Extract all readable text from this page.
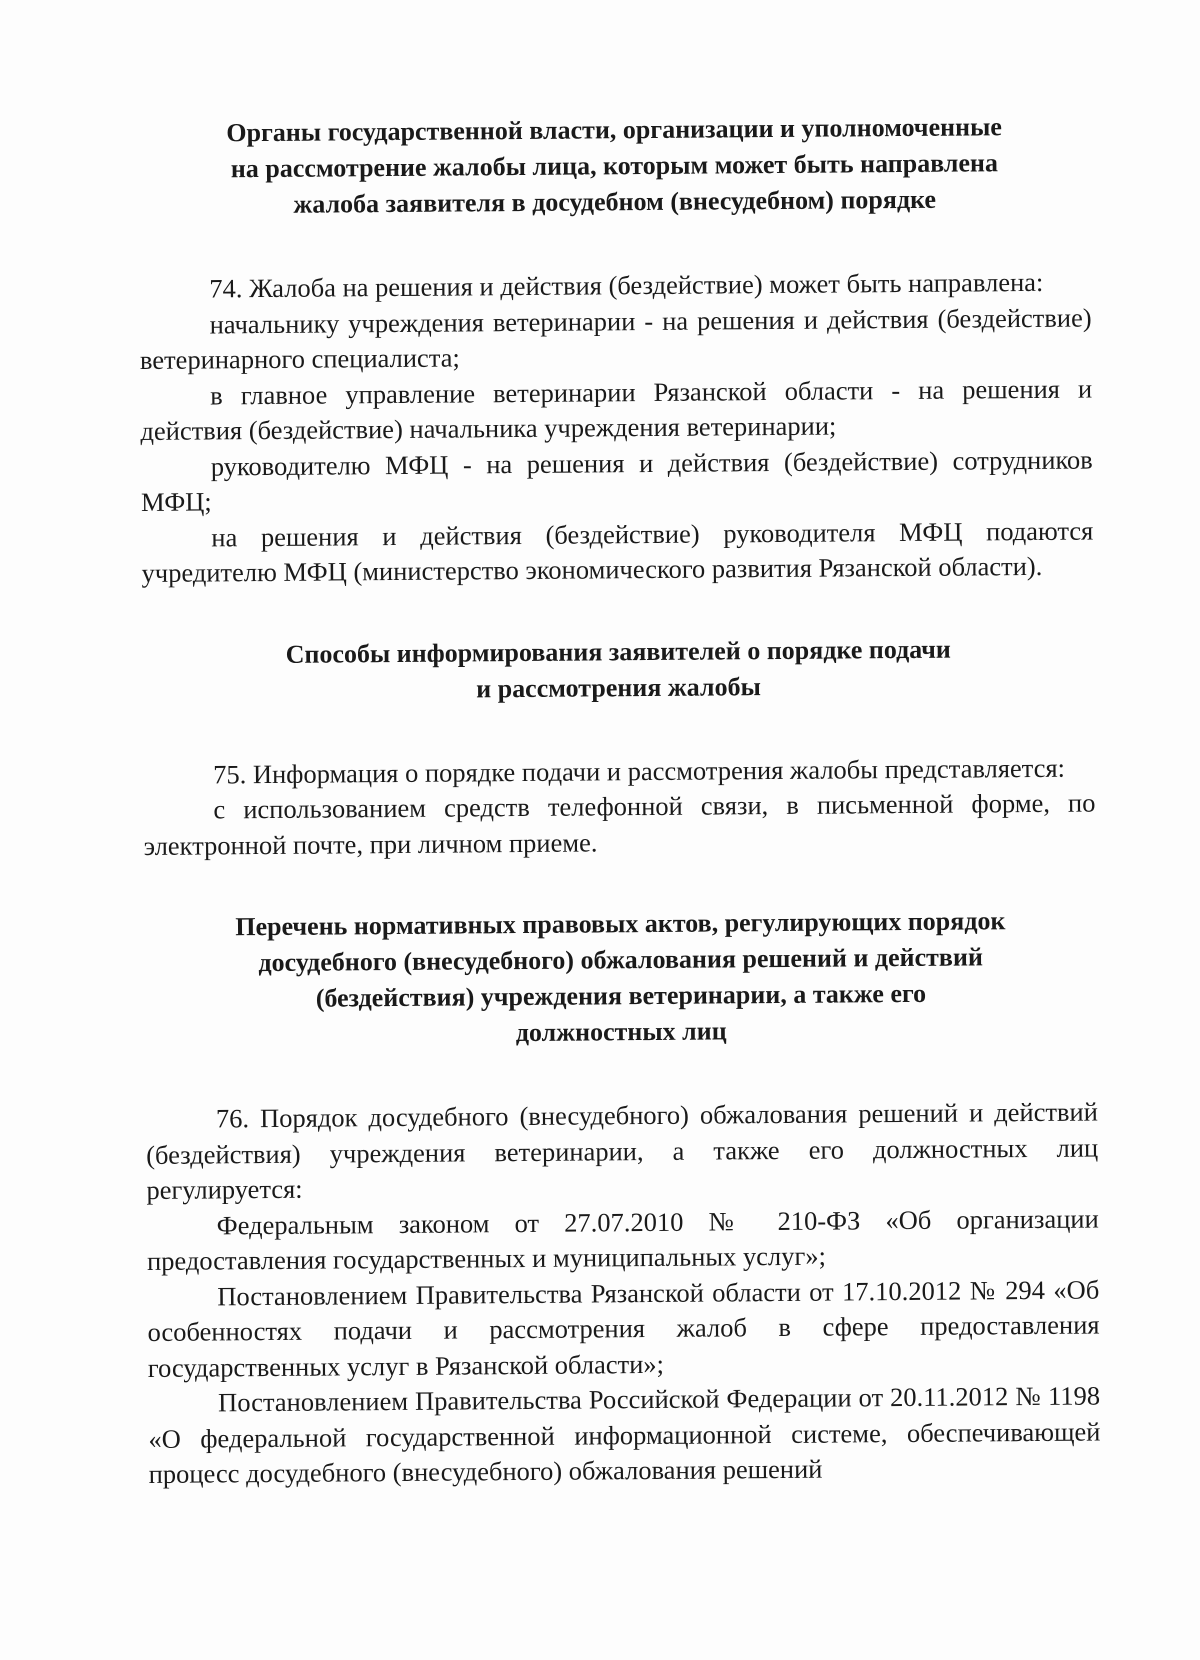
Органы государственной власти, организации и уполномоченные
на рассмотрение жалобы лица, которым может быть направлена
жалоба заявителя в досудебном (внесудебном) порядке

74. Жалоба на решения и действия (бездействие) может быть направлена:

начальнику учреждения ветеринарии - на решения и действия (бездействие) ветеринарного специалиста;

в главное управление ветеринарии Рязанской области - на решения и действия (бездействие) начальника учреждения ветеринарии;

руководителю МФЦ - на решения и действия (бездействие) сотрудников МФЦ;

на решения и действия (бездействие) руководителя МФЦ подаются учредителю МФЦ (министерство экономического развития Рязанской области).

Способы информирования заявителей о порядке подачи
и рассмотрения жалобы

75. Информация о порядке подачи и рассмотрения жалобы представляется:

с использованием средств телефонной связи, в письменной форме, по электронной почте, при личном приеме.

Перечень нормативных правовых актов, регулирующих порядок
досудебного (внесудебного) обжалования решений и действий
(бездействия) учреждения ветеринарии, а также его
должностных лиц

76. Порядок досудебного (внесудебного) обжалования решений и действий (бездействия) учреждения ветеринарии, а также его должностных лиц регулируется:

Федеральным законом от 27.07.2010 № 210-ФЗ «Об организации предоставления государственных и муниципальных услуг»;

Постановлением Правительства Рязанской области от 17.10.2012 № 294 «Об особенностях подачи и рассмотрения жалоб в сфере предоставления государственных услуг в Рязанской области»;

Постановлением Правительства Российской Федерации от 20.11.2012 № 1198 «О федеральной государственной информационной системе, обеспечивающей процесс досудебного (внесудебного) обжалования решений
